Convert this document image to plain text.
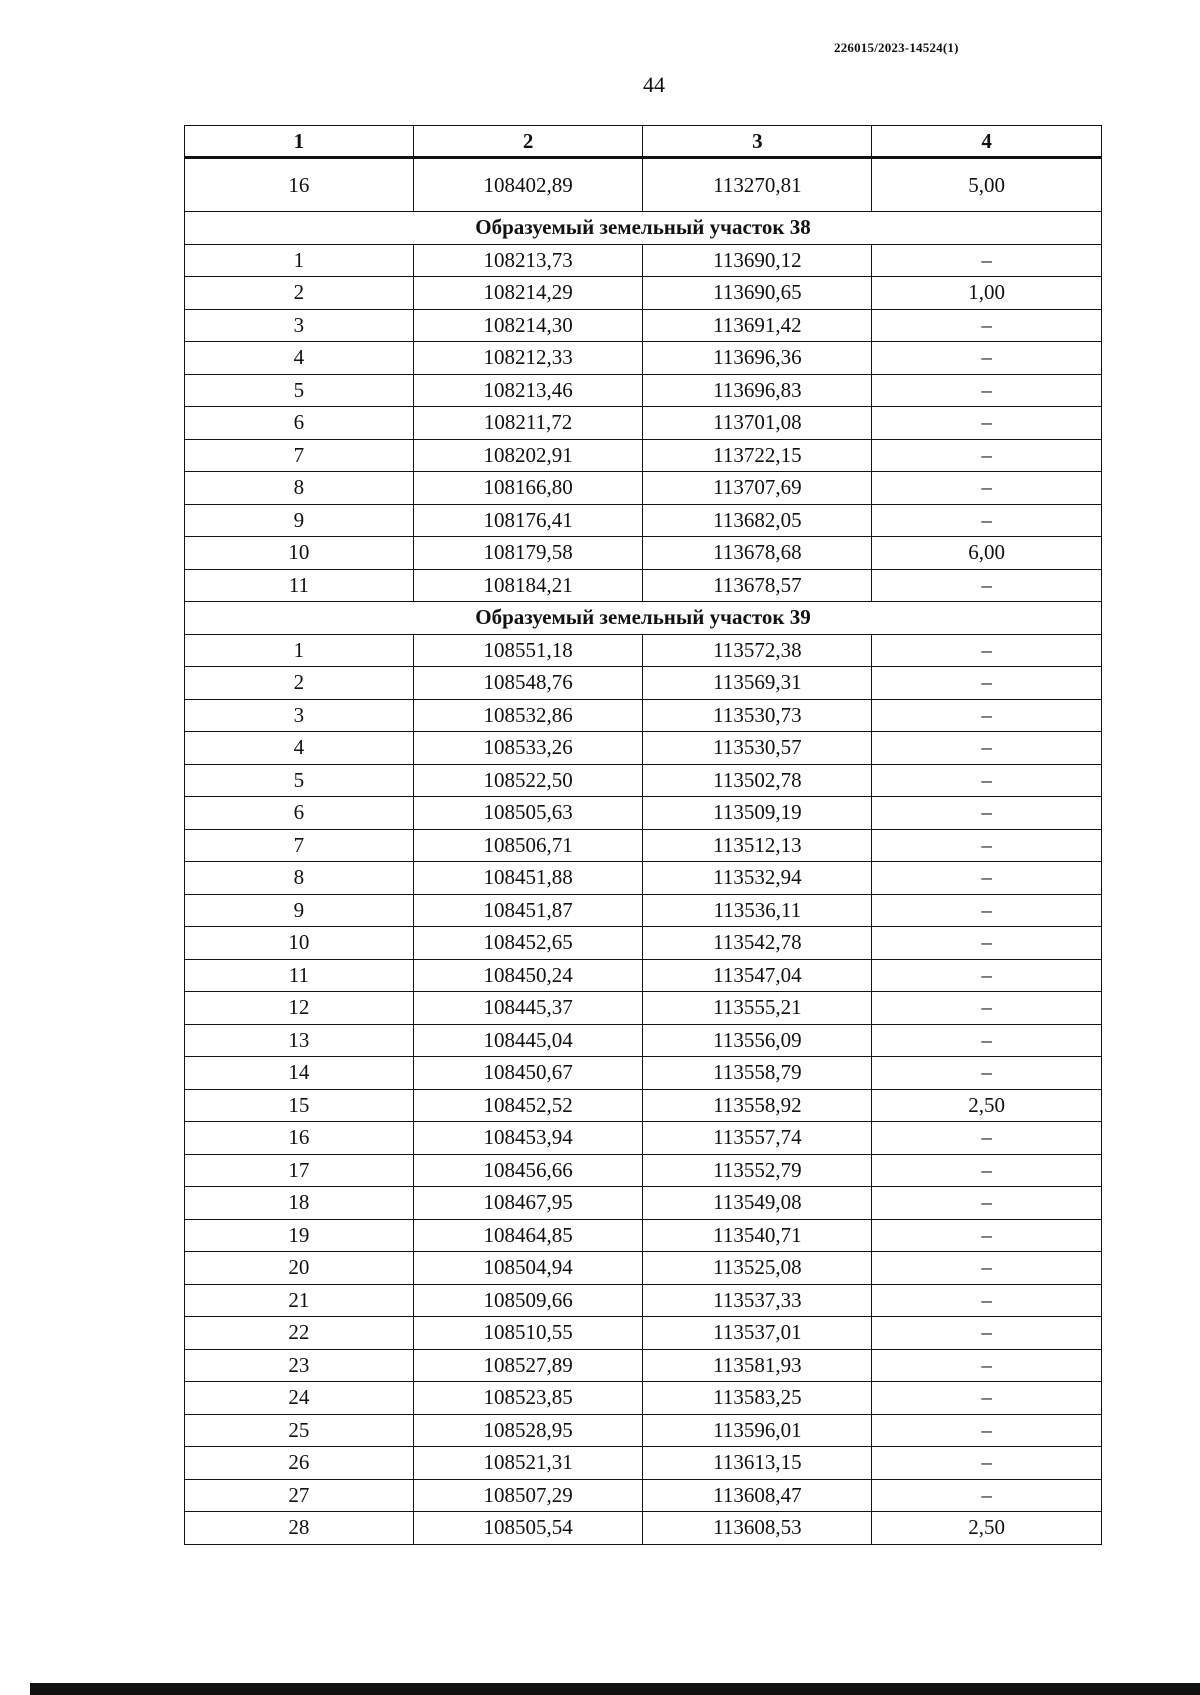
226015/2023-14524(1)
44
1	2	3	4
16	108402,89	113270,81	5,00
Образуемый земельный участок 38			
1	108213,73	113690,12	–
2	108214,29	113690,65	1,00
3	108214,30	113691,42	–
4	108212,33	113696,36	–
5	108213,46	113696,83	–
6	108211,72	113701,08	–
7	108202,91	113722,15	–
8	108166,80	113707,69	–
9	108176,41	113682,05	–
10	108179,58	113678,68	6,00
11	108184,21	113678,57	–
Образуемый земельный участок 39			
1	108551,18	113572,38	–
2	108548,76	113569,31	–
3	108532,86	113530,73	–
4	108533,26	113530,57	–
5	108522,50	113502,78	–
6	108505,63	113509,19	–
7	108506,71	113512,13	–
8	108451,88	113532,94	–
9	108451,87	113536,11	–
10	108452,65	113542,78	–
11	108450,24	113547,04	–
12	108445,37	113555,21	–
13	108445,04	113556,09	–
14	108450,67	113558,79	–
15	108452,52	113558,92	2,50
16	108453,94	113557,74	–
17	108456,66	113552,79	–
18	108467,95	113549,08	–
19	108464,85	113540,71	–
20	108504,94	113525,08	–
21	108509,66	113537,33	–
22	108510,55	113537,01	–
23	108527,89	113581,93	–
24	108523,85	113583,25	–
25	108528,95	113596,01	–
26	108521,31	113613,15	–
27	108507,29	113608,47	–
28	108505,54	113608,53	2,50
